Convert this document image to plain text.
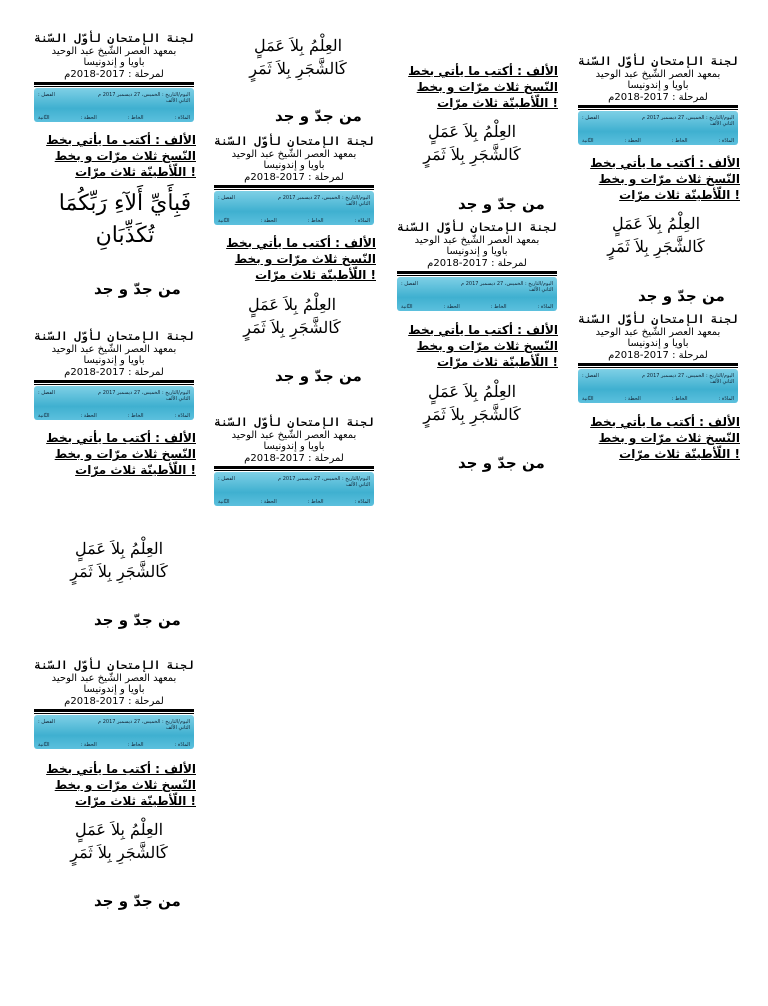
لجنة الإمتحان لأوّل السّنة
بمعهد العصر الشّيخ عبد الوحيد
باويا و إندونيسا
لمرحلة : 2017-2018م
اليوم/التاريخ : الخميس، 27 ديسمبر 2017 م
الثاني الألف
الفصل :
المادّة :
الخاط :
الحطة :
الثّانية
الألف : أكتب ما يأتي بخط
النّسخ ثلاث مرّات و بخط
! اللّأطينّة ثلاث مرّات
فَبِأَيِّ أَلآءِ رَبِّكُمَا
تُكَذِّبَانِ
من جدّ و جد
لجنة الإمتحان لأوّل السّنة
بمعهد العصر الشّيخ عبد الوحيد
باويا و إندونيسا
لمرحلة : 2017-2018م
اليوم/التاريخ : الخميس، 27 ديسمبر 2017 م
الثاني الألف
الفصل :
المادّة :
الخاط :
الحطة :
الثّانية
الألف : أكتب ما يأتي بخط
النّسخ ثلاث مرّات و بخط
! اللّأطينّة ثلاث مرّات
العِلْمُ بِلاَ عَمَلٍ
كَالشَّجَرِ بِلاَ ثَمَرٍ
من جدّ و جد
لجنة الإمتحان لأوّل السّنة
بمعهد العصر الشّيخ عبد الوحيد
باويا و إندونيسا
لمرحلة : 2017-2018م
اليوم/التاريخ : الخميس، 27 ديسمبر 2017 م
الثاني الألف
الفصل :
المادّة :
الخاط :
الحطة :
الثّانية
الألف : أكتب ما يأتي بخط
النّسخ ثلاث مرّات و بخط
! اللّأطينّة ثلاث مرّات
العِلْمُ بِلاَ عَمَلٍ
كَالشَّجَرِ بِلاَ ثَمَرٍ
من جدّ و جد
العِلْمُ بِلاَ عَمَلٍ
كَالشَّجَرِ بِلاَ ثَمَرٍ
من جدّ و جد
لجنة الإمتحان لأوّل السّنة
بمعهد العصر الشّيخ عبد الوحيد
باويا و إندونيسا
لمرحلة : 2017-2018م
اليوم/التاريخ : الخميس، 27 ديسمبر 2017 م
الثاني الألف
الفصل :
المادّة :
الخاط :
الحطة :
الثّانية
الألف : أكتب ما يأتي بخط
النّسخ ثلاث مرّات و بخط
! اللّأطينّة ثلاث مرّات
العِلْمُ بِلاَ عَمَلٍ
كَالشَّجَرِ بِلاَ ثَمَرٍ
من جدّ و جد
لجنة الإمتحان لأوّل السّنة
بمعهد العصر الشّيخ عبد الوحيد
باويا و إندونيسا
لمرحلة : 2017-2018م
اليوم/التاريخ : الخميس، 27 ديسمبر 2017 م
الثاني الألف
الفصل :
المادّة :
الخاط :
الحطة :
الثّانية
الألف : أكتب ما يأتي بخط
النّسخ ثلاث مرّات و بخط
! اللّأطينّة ثلاث مرّات
العِلْمُ بِلاَ عَمَلٍ
كَالشَّجَرِ بِلاَ ثَمَرٍ
من جدّ و جد
لجنة الإمتحان لأوّل السّنة
بمعهد العصر الشّيخ عبد الوحيد
باويا و إندونيسا
لمرحلة : 2017-2018م
اليوم/التاريخ : الخميس، 27 ديسمبر 2017 م
الثاني الألف
الفصل :
المادّة :
الخاط :
الحطة :
الثّانية
الألف : أكتب ما يأتي بخط
النّسخ ثلاث مرّات و بخط
! اللّأطينّة ثلاث مرّات
العِلْمُ بِلاَ عَمَلٍ
كَالشَّجَرِ بِلاَ ثَمَرٍ
من جدّ و جد
لجنة الإمتحان لأوّل السّنة
بمعهد العصر الشّيخ عبد الوحيد
باويا و إندونيسا
لمرحلة : 2017-2018م
اليوم/التاريخ : الخميس، 27 ديسمبر 2017 م
الثاني الألف
الفصل :
المادّة :
الخاط :
الحطة :
الثّانية
الألف : أكتب ما يأتي بخط
النّسخ ثلاث مرّات و بخط
! اللّأطينّة ثلاث مرّات
العِلْمُ بِلاَ عَمَلٍ
كَالشَّجَرِ بِلاَ ثَمَرٍ
من جدّ و جد
لجنة الإمتحان لأوّل السّنة
بمعهد العصر الشّيخ عبد الوحيد
باويا و إندونيسا
لمرحلة : 2017-2018م
اليوم/التاريخ : الخميس، 27 ديسمبر 2017 م
الثاني الألف
الفصل :
المادّة :
الخاط :
الحطة :
الثّانية
الألف : أكتب ما يأتي بخط
النّسخ ثلاث مرّات و بخط
! اللّأطينّة ثلاث مرّات
